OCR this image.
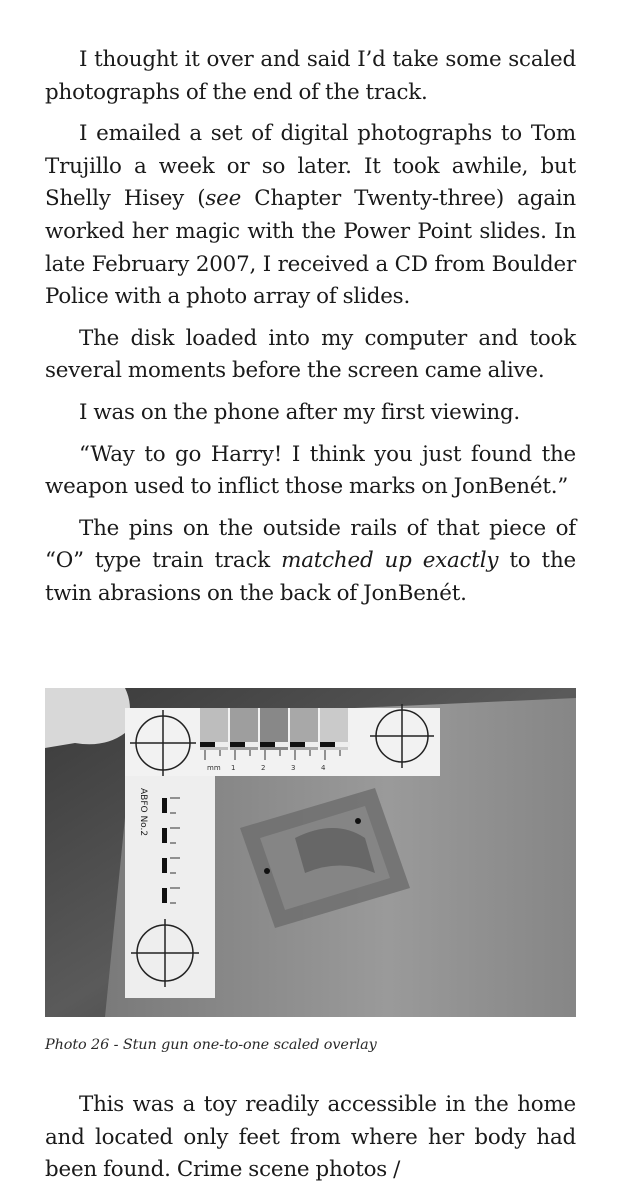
I thought it over and said I’d take some scaled photographs of the end of the track.

I emailed a set of digital photographs to Tom Trujillo a week or so later. It took awhile, but Shelly Hisey (see Chapter Twenty-three) again worked her magic with the Power Point slides. In late February 2007, I received a CD from Boulder Police with a photo array of slides.

The disk loaded into my computer and took several moments before the screen came alive.

I was on the phone after my first viewing.

“Way to go Harry! I think you just found the weapon used to inflict those marks on JonBenét.”

The pins on the outside rails of that piece of “O” type train track matched up exactly to the twin abrasions on the back of JonBenét.

mm 1	2	3	4
ABFO No.2
Photo 26 - Stun gun one-to-one scaled overlay

This was a toy readily accessible in the home and located only feet from where her body had been found. Crime scene photos /
